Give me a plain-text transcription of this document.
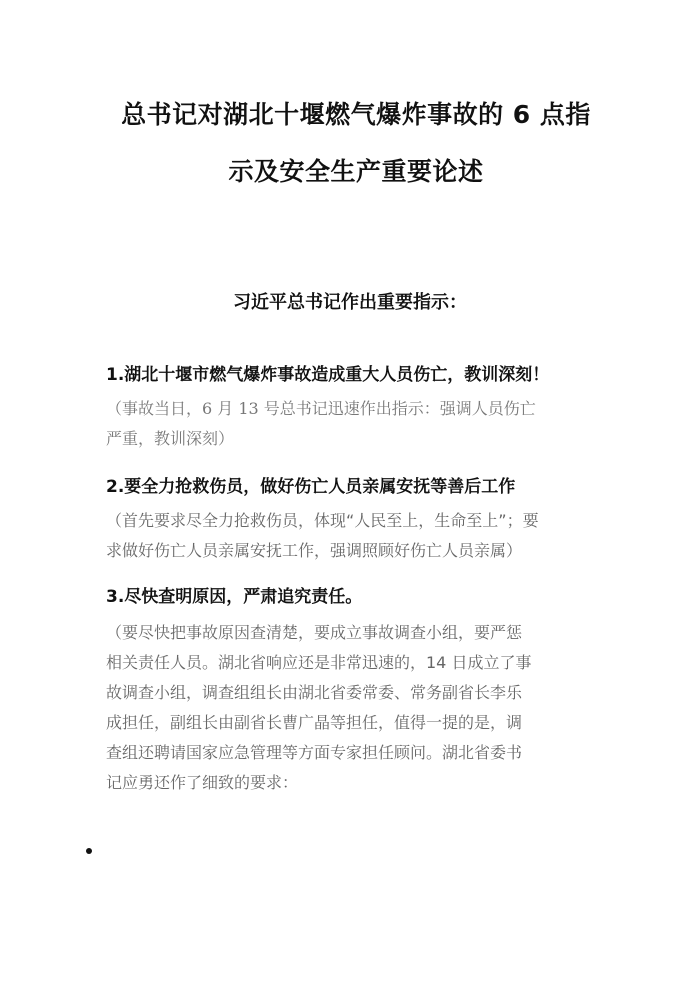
总书记对湖北十堰燃气爆炸事故的 6 点指
示及安全生产重要论述
习近平总书记作出重要指示：
1.湖北十堰市燃气爆炸事故造成重大人员伤亡，教训深刻！
（事故当日，6 月 13 号总书记迅速作出指示：强调人员伤亡
严重，教训深刻）
2.要全力抢救伤员，做好伤亡人员亲属安抚等善后工作
（首先要求尽全力抢救伤员，体现“人民至上，生命至上”；要
求做好伤亡人员亲属安抚工作，强调照顾好伤亡人员亲属）
3.尽快查明原因，严肃追究责任。
（要尽快把事故原因查清楚，要成立事故调查小组，要严惩
相关责任人员。湖北省响应还是非常迅速的，14 日成立了事
故调查小组，调查组组长由湖北省委常委、常务副省长李乐
成担任，副组长由副省长曹广晶等担任，值得一提的是，调
查组还聘请国家应急管理等方面专家担任顾问。湖北省委书
记应勇还作了细致的要求：
